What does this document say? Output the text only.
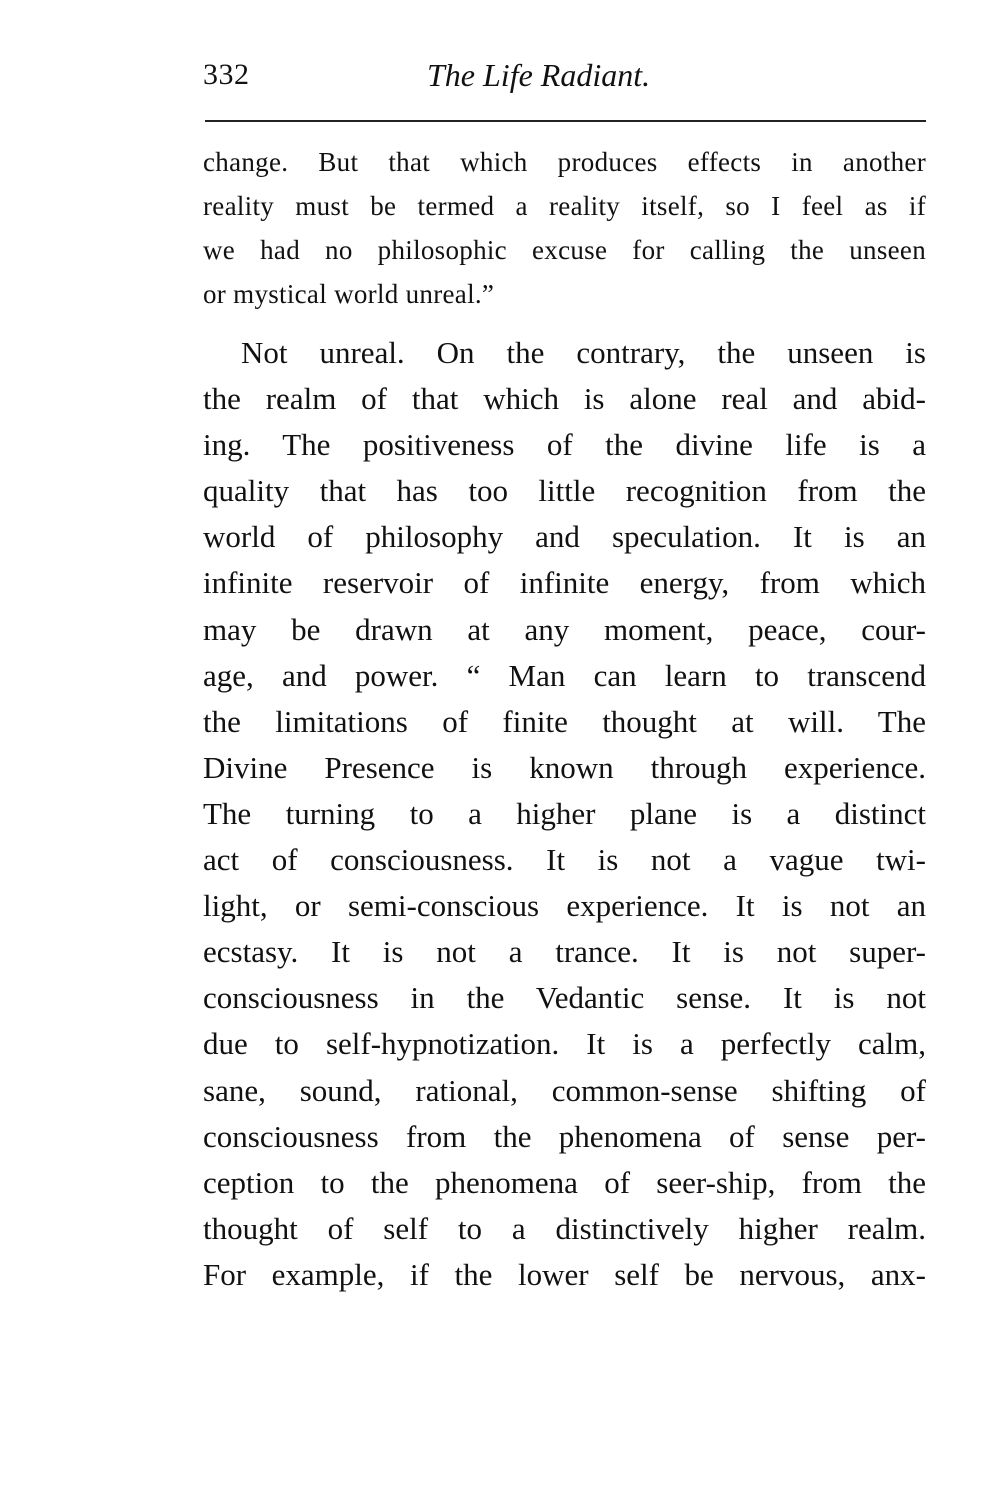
332	The Life Radiant.
change. But that which produces effects in another
reality must be termed a reality itself, so I feel as if
we had no philosophic excuse for calling the unseen
or mystical world unreal.”
Not unreal. On the contrary, the unseen is
the realm of that which is alone real and abid-
ing. The positiveness of the divine life is a
quality that has too little recognition from the
world of philosophy and speculation. It is an
infinite reservoir of infinite energy, from which
may be drawn at any moment, peace, cour-
age, and power. “ Man can learn to transcend
the limitations of finite thought at will. The
Divine Presence is known through experience.
The turning to a higher plane is a distinct
act of consciousness. It is not a vague twi-
light, or semi-conscious experience. It is not an
ecstasy. It is not a trance. It is not super-
consciousness in the Vedantic sense. It is not
due to self-hypnotization. It is a perfectly calm,
sane, sound, rational, common-sense shifting of
consciousness from the phenomena of sense per-
ception to the phenomena of seer-ship, from the
thought of self to a distinctively higher realm.
For example, if the lower self be nervous, anx-
